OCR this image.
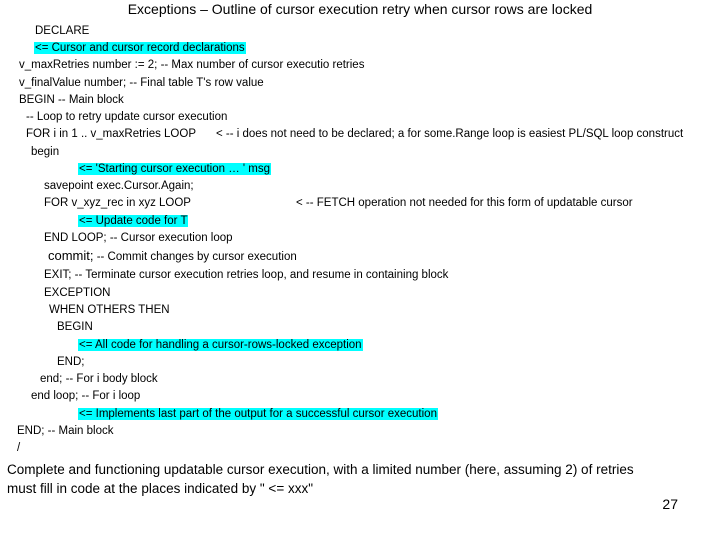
Exceptions – Outline of cursor execution retry when cursor rows are locked
DECLARE
<= Cursor and cursor record declarations
v_maxRetries number := 2; -- Max number of cursor executio retries
v_finalValue number; -- Final table T's row value
BEGIN -- Main block
-- Loop to retry update cursor execution
FOR i in 1 .. v_maxRetries LOOP < -- i does not need to be declared; a for some.Range loop is easiest PL/SQL loop construct
begin
<= 'Starting cursor execution … ' msg
savepoint exec.Cursor.Again;
FOR v_xyz_rec in xyz LOOP	< -- FETCH operation not needed for this form of updatable cursor
<= Update code for T
END LOOP; -- Cursor execution loop
commit; -- Commit changes by cursor execution
EXIT; -- Terminate cursor execution retries loop, and resume in containing block
EXCEPTION
WHEN OTHERS THEN
BEGIN
<= All code for handling a cursor-rows-locked exception
END;
end; -- For i body block
end loop; -- For i loop
<= Implements last part of the output for a successful cursor execution
END; -- Main block
/
Complete and functioning updatable cursor execution, with a limited number (here, assuming 2) of retries
must fill in code at the places indicated by " <= xxx"
27
